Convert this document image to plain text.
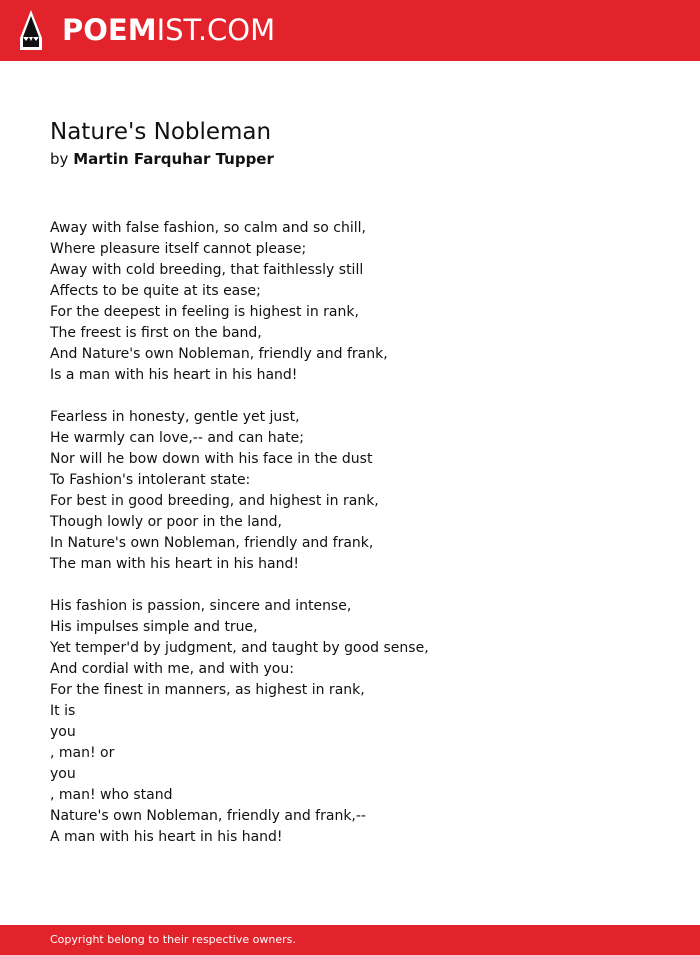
POEMIST.COM
Nature's Nobleman
by Martin Farquhar Tupper
Away with false fashion, so calm and so chill,
Where pleasure itself cannot please;
Away with cold breeding, that faithlessly still
Affects to be quite at its ease;
For the deepest in feeling is highest in rank,
The freest is first on the band,
And Nature's own Nobleman, friendly and frank,
Is a man with his heart in his hand!
Fearless in honesty, gentle yet just,
He warmly can love,-- and can hate;
Nor will he bow down with his face in the dust
To Fashion's intolerant state:
For best in good breeding, and highest in rank,
Though lowly or poor in the land,
In Nature's own Nobleman, friendly and frank,
The man with his heart in his hand!
His fashion is passion, sincere and intense,
His impulses simple and true,
Yet temper'd by judgment, and taught by good sense,
And cordial with me, and with you:
For the finest in manners, as highest in rank,
It is
you
, man! or
you
, man! who stand
Nature's own Nobleman, friendly and frank,--
A man with his heart in his hand!
Copyright belong to their respective owners.
